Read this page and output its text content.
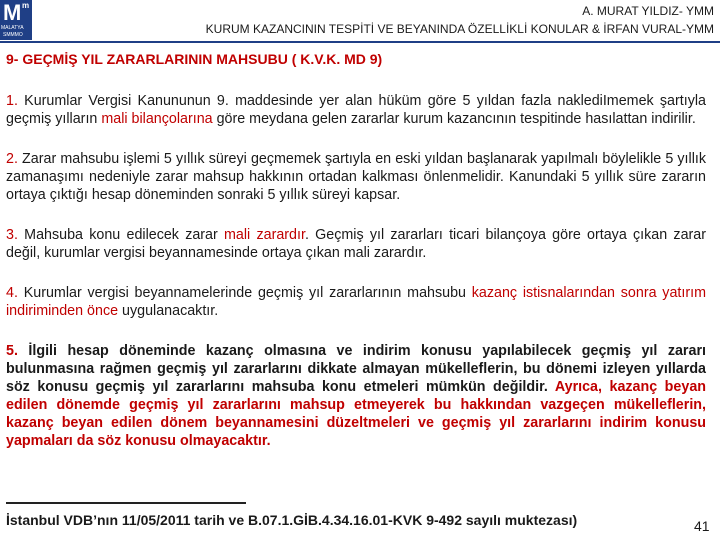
M m
MALATYA
SMMMO
A. MURAT YILDIZ- YMM
KURUM KAZANCININ TESPİTİ VE BEYANINDA ÖZELLİKLİ KONULAR & İRFAN VURAL-YMM
9- GEÇMİŞ YIL ZARARLARININ MAHSUBU ( K.V.K. MD 9)

1. Kurumlar Vergisi Kanununun 9. maddesinde yer alan hüküm göre 5 yıldan fazla naklediImemek şartıyla geçmiş yılların mali bilançolarına göre meydana gelen zararlar kurum kazancının tespitinde hasılattan indirilir.

2. Zarar mahsubu işlemi 5 yıllık süreyi geçmemek şartıyla en eski yıldan başlanarak yapılmalı böylelikle 5 yıllık zamanaşımı nedeniyle zarar mahsup hakkının ortadan kalkması önlenmelidir. Kanundaki 5 yıllık süre zararın ortaya çıktığı hesap döneminden sonraki 5 yıllık süreyi kapsar.

3. Mahsuba konu edilecek zarar mali zarardır. Geçmiş yıl zararları ticari bilançoya göre ortaya çıkan zarar değil, kurumlar vergisi beyannamesinde ortaya çıkan mali zarardır.

4. Kurumlar vergisi beyannamelerinde geçmiş yıl zararlarının mahsubu kazanç istisnalarından sonra yatırım indiriminden önce uygulanacaktır.

5. İlgili hesap döneminde kazanç olmasına ve indirim konusu yapılabilecek geçmiş yıl zararı bulunmasına rağmen geçmiş yıl zararlarını dikkate almayan mükelleflerin, bu dönemi izleyen yıllarda söz konusu geçmiş yıl zararlarını mahsuba konu etmeleri mümkün değildir. Ayrıca, kazanç beyan edilen dönemde geçmiş yıl zararlarını mahsup etmeyerek bu hakkından vazgeçen mükelleflerin, kazanç beyan edilen dönem beyannamesini düzeltmeleri ve geçmiş yıl zararlarını indirim konusu yapmaları da söz konusu olmayacaktır.

İstanbul VDB’nın 11/05/2011 tarih ve B.07.1.GİB.4.34.16.01-KVK 9-492 sayılı muktezası)	41
